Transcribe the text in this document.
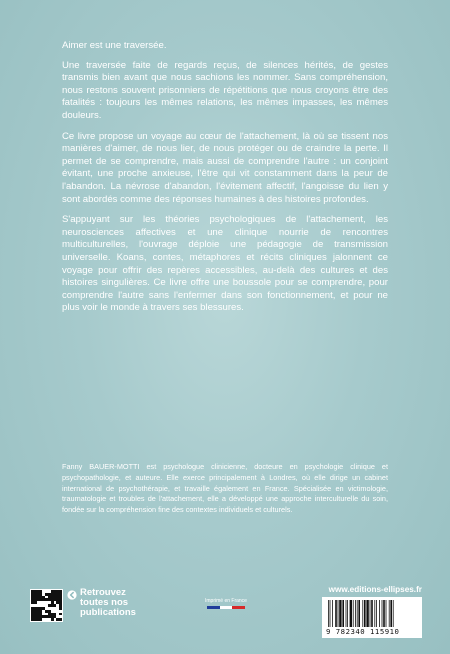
Aimer est une traversée.

Une traversée faite de regards reçus, de silences hérités, de gestes transmis bien avant que nous sachions les nommer. Sans compréhension, nous restons souvent prisonniers de répétitions que nous croyons être des fatalités : toujours les mêmes relations, les mêmes impasses, les mêmes douleurs.

Ce livre propose un voyage au cœur de l'attachement, là où se tissent nos manières d'aimer, de nous lier, de nous protéger ou de craindre la perte. Il permet de se comprendre, mais aussi de comprendre l'autre : un conjoint évitant, une proche anxieuse, l'être qui vit constamment dans la peur de l'abandon. La névrose d'abandon, l'évitement affectif, l'angoisse du lien y sont abordés comme des réponses humaines à des histoires profondes.

S'appuyant sur les théories psychologiques de l'attachement, les neurosciences affectives et une clinique nourrie de rencontres multiculturelles, l'ouvrage déploie une pédagogie de transmission universelle. Koans, contes, métaphores et récits cliniques jalonnent ce voyage pour offrir des repères accessibles, au-delà des cultures et des histoires singulières. Ce livre offre une boussole pour se comprendre, pour comprendre l'autre sans l'enfermer dans son fonctionnement, et pour ne plus voir le monde à travers ses blessures.

Fanny BAUER-MOTTI est psychologue clinicienne, docteure en psychologie clinique et psychopathologie, et auteure. Elle exerce principalement à Londres, où elle dirige un cabinet international de psychothérapie, et travaille également en France. Spécialisée en victimologie, traumatologie et troubles de l'attachement, elle a développé une approche interculturelle du soin, fondée sur la compréhension fine des contextes individuels et culturels.

Retrouvez
toutes nos
publications
Imprimé en France
www.editions-ellipses.fr
9 782340 115910
